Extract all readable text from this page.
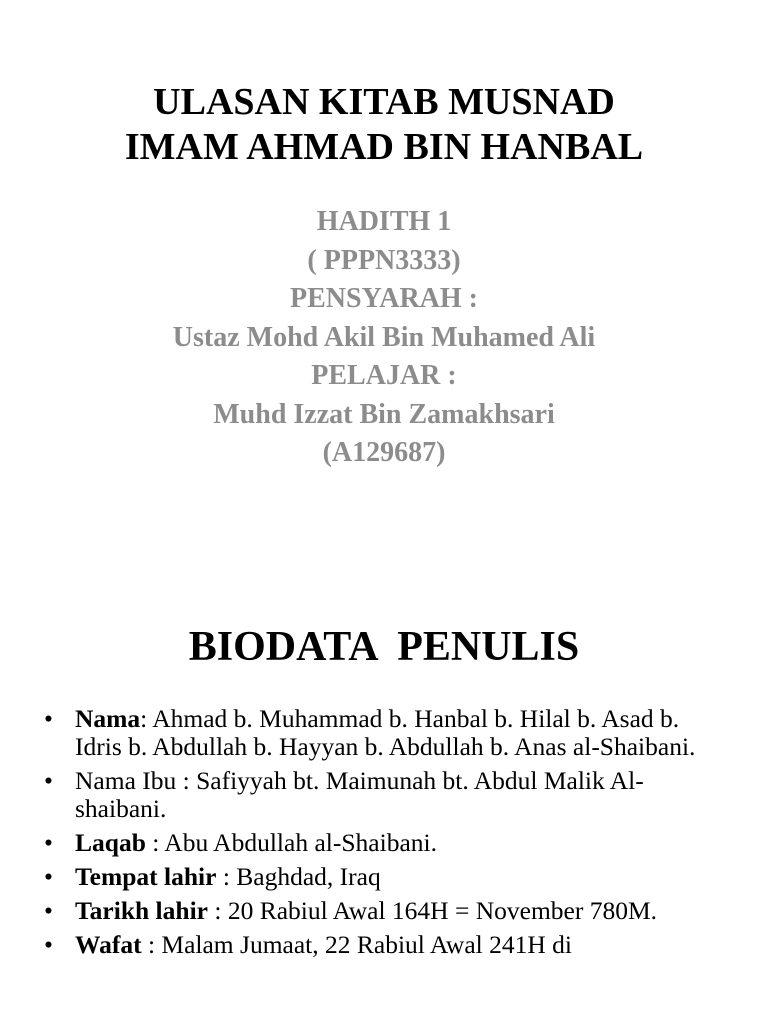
ULASAN KITAB MUSNAD
IMAM AHMAD BIN HANBAL
HADITH 1
( PPPN3333)
PENSYARAH :
Ustaz Mohd Akil Bin Muhamed Ali
PELAJAR :
Muhd Izzat Bin Zamakhsari
(A129687)
BIODATA  PENULIS
• Nama: Ahmad b. Muhammad b. Hanbal b. Hilal b. Asad b. Idris b. Abdullah b. Hayyan b. Abdullah b. Anas al-Shaibani.
• Nama Ibu : Safiyyah bt. Maimunah bt. Abdul Malik Al-shaibani.
• Laqab : Abu Abdullah al-Shaibani.
• Tempat lahir : Baghdad, Iraq
• Tarikh lahir : 20 Rabiul Awal 164H = November 780M.
• Wafat : Malam Jumaat, 22 Rabiul Awal 241H di
